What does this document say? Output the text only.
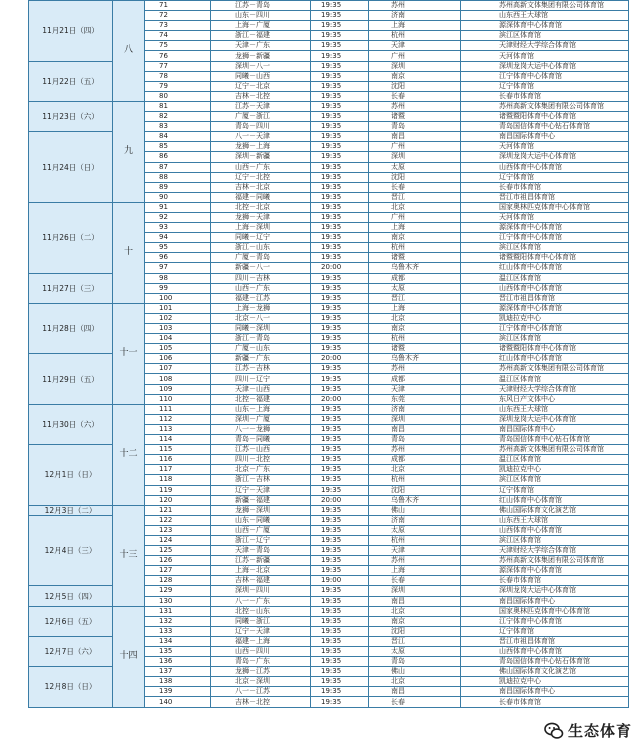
11月21日（四）	八	71	江苏－青岛	19:35	苏州	苏州高新文体集团有限公司体育馆
		72	山东－四川	19:35	济南	山东西王大球馆
		73	上海－广厦	19:35	上海	源深体育中心体育馆
		74	浙江－福建	19:35	杭州	滨江区体育馆
		75	天津－广东	19:35	天津	天津财经大学综合体育馆
		76	龙狮－新疆	19:35	广州	天河体育馆
11月22日（五）		77	深圳－八一	19:35	深圳	深圳龙岗大运中心体育馆
		78	同曦－山西	19:35	南京	江宁体育中心体育馆
		79	辽宁－北京	19:35	沈阳	辽宁体育馆
		80	吉林－北控	19:35	长春	长春市体育馆
11月23日（六）	九	81	江苏－天津	19:35	苏州	苏州高新文体集团有限公司体育馆
		82	广厦－浙江	19:35	诸暨	诸暨暨阳体育中心体育馆
		83	青岛－四川	19:35	青岛	青岛国信体育中心钻石体育馆
11月24日（日）		84	八一－天津	19:35	南昌	南昌国际体育中心
		85	龙狮－上海	19:35	广州	天河体育馆
		86	深圳－新疆	19:35	深圳	深圳龙岗大运中心体育馆
		87	山西－广东	19:35	太原	山西体育中心体育馆
		88	辽宁－北控	19:35	沈阳	辽宁体育馆
		89	吉林－北京	19:35	长春	长春市体育馆
		90	福建－同曦	19:35	晋江	晋江市祖昌体育馆
11月26日（二）	十	91	北控－北京	19:35	北京	国家奥林匹克体育中心体育馆
		92	龙狮－天津	19:35	广州	天河体育馆
		93	上海－深圳	19:35	上海	源深体育中心体育馆
		94	同曦－辽宁	19:35	南京	江宁体育中心体育馆
		95	浙江－山东	19:35	杭州	滨江区体育馆
		96	广厦－青岛	19:35	诸暨	诸暨暨阳体育中心体育馆
		97	新疆－八一	20:00	乌鲁木齐	红山体育中心体育馆
11月27日（三）		98	四川－吉林	19:35	成都	温江区体育馆
		99	山西－广东	19:35	太原	山西体育中心体育馆
		100	福建－江苏	19:35	晋江	晋江市祖昌体育馆
11月28日（四）	十一	101	上海－龙狮	19:35	上海	源深体育中心体育馆
		102	北京－八一	19:35	北京	凯迪拉克中心
		103	同曦－深圳	19:35	南京	江宁体育中心体育馆
		104	浙江－青岛	19:35	杭州	滨江区体育馆
		105	广厦－山东	19:35	诸暨	诸暨暨阳体育中心体育馆
11月29日（五）		106	新疆－广东	20:00	乌鲁木齐	红山体育中心体育馆
		107	江苏－吉林	19:35	苏州	苏州高新文体集团有限公司体育馆
		108	四川－辽宁	19:35	成都	温江区体育馆
		109	天津－山西	19:35	天津	天津财经大学综合体育馆
		110	北控－福建	20:00	东莞	东风日产文体中心
11月30日（六）	十二	111	山东－上海	19:35	济南	山东西王大球馆
		112	深圳－广厦	19:35	深圳	深圳龙岗大运中心体育馆
		113	八一－龙狮	19:35	南昌	南昌国际体育中心
		114	青岛－同曦	19:35	青岛	青岛国信体育中心钻石体育馆
12月1日（日）		115	江苏－山西	19:35	苏州	苏州高新文体集团有限公司体育馆
		116	四川－北控	19:35	成都	温江区体育馆
		117	北京－广东	19:35	北京	凯迪拉克中心
		118	浙江－吉林	19:35	杭州	滨江区体育馆
		119	辽宁－天津	19:35	沈阳	辽宁体育馆
		120	新疆－福建	20:00	乌鲁木齐	红山体育中心体育馆
12月3日（二）	十三	121	龙狮－深圳	19:35	佛山	佛山国际体育文化演艺馆
12月4日（三）		122	山东－同曦	19:35	济南	山东西王大球馆
		123	山西－广厦	19:35	太原	山西体育中心体育馆
		124	浙江－辽宁	19:35	杭州	滨江区体育馆
		125	天津－青岛	19:35	天津	天津财经大学综合体育馆
		126	江苏－新疆	19:35	苏州	苏州高新文体集团有限公司体育馆
		127	上海－北京	19:35	上海	源深体育中心体育馆
		128	吉林－福建	19:00	长春	长春市体育馆
12月5日（四）		129	深圳－四川	19:35	深圳	深圳龙岗大运中心体育馆
		130	八一－广东	19:35	南昌	南昌国际体育中心
12月6日（五）	十四	131	北控－山东	19:35	北京	国家奥林匹克体育中心体育馆
		132	同曦－浙江	19:35	南京	江宁体育中心体育馆
		133	辽宁－天津	19:35	沈阳	辽宁体育馆
12月7日（六）		134	福建－上海	19:35	晋江	晋江市祖昌体育馆
		135	山西－四川	19:35	太原	山西体育中心体育馆
		136	青岛－广东	19:35	青岛	青岛国信体育中心钻石体育馆
12月8日（日）		137	龙狮－江苏	19:35	佛山	佛山国际体育文化演艺馆
		138	北京－深圳	19:35	北京	凯迪拉克中心
		139	八一－江苏	19:35	南昌	南昌国际体育中心
		140	吉林－北控	19:35	长春	长春市体育馆
生态体育
